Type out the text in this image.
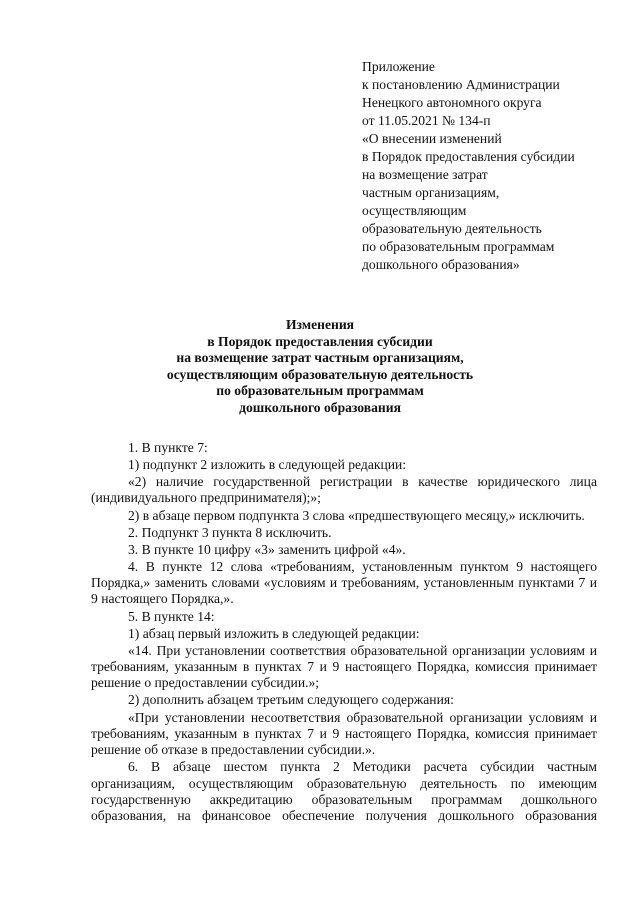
Приложение
к постановлению Администрации
Ненецкого автономного округа
от 11.05.2021 № 134-п
«О внесении изменений
в Порядок предоставления субсидии
на возмещение затрат
частным организациям,
осуществляющим
образовательную деятельность
по образовательным программам
дошкольного образования»
Изменения
в Порядок предоставления субсидии
на возмещение затрат частным организациям,
осуществляющим образовательную деятельность
по образовательным программам
дошкольного образования

1. В пункте 7:

1) подпункт 2 изложить в следующей редакции:

«2) наличие государственной регистрации в качестве юридического лица (индивидуального предпринимателя);»;

2) в абзаце первом подпункта 3 слова «предшествующего месяцу,» исключить.

2. Подпункт 3 пункта 8 исключить.

3. В пункте 10 цифру «3» заменить цифрой «4».

4. В пункте 12 слова «требованиям, установленным пунктом 9 настоящего Порядка,» заменить словами «условиям и требованиям, установленным пунктами 7 и 9 настоящего Порядка,».

5. В пункте 14:

1) абзац первый изложить в следующей редакции:

«14. При установлении соответствия образовательной организации условиям и требованиям, указанным в пунктах 7 и 9 настоящего Порядка, комиссия принимает решение о предоставлении субсидии.»;

2) дополнить абзацем третьим следующего содержания:

«При установлении несоответствия образовательной организации условиям и требованиям, указанным в пунктах 7 и 9 настоящего Порядка, комиссия принимает решение об отказе в предоставлении субсидии.».

6. В абзаце шестом пункта 2 Методики расчета субсидии частным организациям, осуществляющим образовательную деятельность по имеющим государственную аккредитацию образовательным программам дошкольного образования, на финансовое обеспечение получения дошкольного образования
